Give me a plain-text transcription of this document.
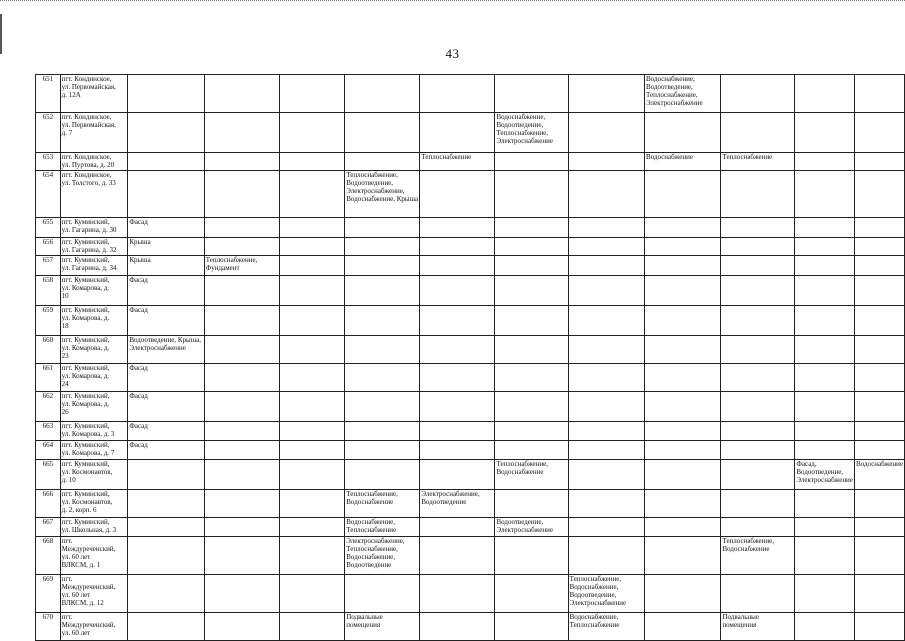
43
651	пгт. Кондинское,
ул. Первомайская,
д. 12А								Водоснабжение, Водоотведение, Теплоснабжение, Электроснабжение			
652	пгт. Кондинское,
ул. Первомайская,
д. 7						Водоснабжение, Водоотведение, Теплоснабжение, Электроснабжение					
653	пгт. Кондинское,
ул. Пуртова, д. 20					Теплоснабжение			Водоснабжение	Теплоснабжение		
654	пгт. Кондинское,
ул. Толстого, д. 33				Теплоснабжение, Водоотведение, Электроснабжение, Водоснабжение, Крыша							
655	пгт. Куминский,
ул. Гагарина, д. 30	Фасад										
656	пгт. Куминский,
ул. Гагарина, д. 32	Крыша										
657	пгт. Куминский,
ул. Гагарина, д. 34	Крыша	Теплоснабжение, Фундамент									
658	пгт. Куминский,
ул. Комарова, д.
10	Фасад										
659	пгт. Куминский,
ул. Комарова, д.
18	Фасад										
660	пгт. Куминский,
ул. Комарова, д.
23	Водоотведение, Крыша, Электроснабжение										
661	пгт. Куминский,
ул. Комарова, д.
24	Фасад										
662	пгт. Куминский,
ул. Комарова, д.
26	Фасад										
663	пгт. Куминский,
ул. Комарова, д. 3	Фасад										
664	пгт. Куминский,
ул. Комарова, д. 7	Фасад										
665	пгт. Куминский,
ул. Космонавтов,
д. 10						Теплоснабжение, Водоснабжение				Фасад, Водоотведение, Электроснабжение	Водоснабжение
666	пгт. Куминский,
ул. Космонавтов,
д. 2, корп. 6				Теплоснабжение, Водоснабжение	Электроснабжение, Водоотведение						
667	пгт. Куминский,
ул. Школьная, д. 3				Водоснабжение, Теплоснабжение		Водоотведение, Электроснабжение					
668	пгт.
Междуреченский,
ул. 60 лет
ВЛКСМ, д. 1				Электроснабжение, Теплоснабжение, Водоснабжение, Водоотведение					Теплоснабжение, Водоснабжение		
669	пгт.
Междуреченский,
ул. 60 лет
ВЛКСМ, д. 12							Теплоснабжение, Водоснабжение, Водоотведение, Электроснабжение				
670	пгт.
Междуреченский,
ул. 60 лет				Подвальные помещения			Водоснабжение, Теплоснабжение		Подвальные помещения		
